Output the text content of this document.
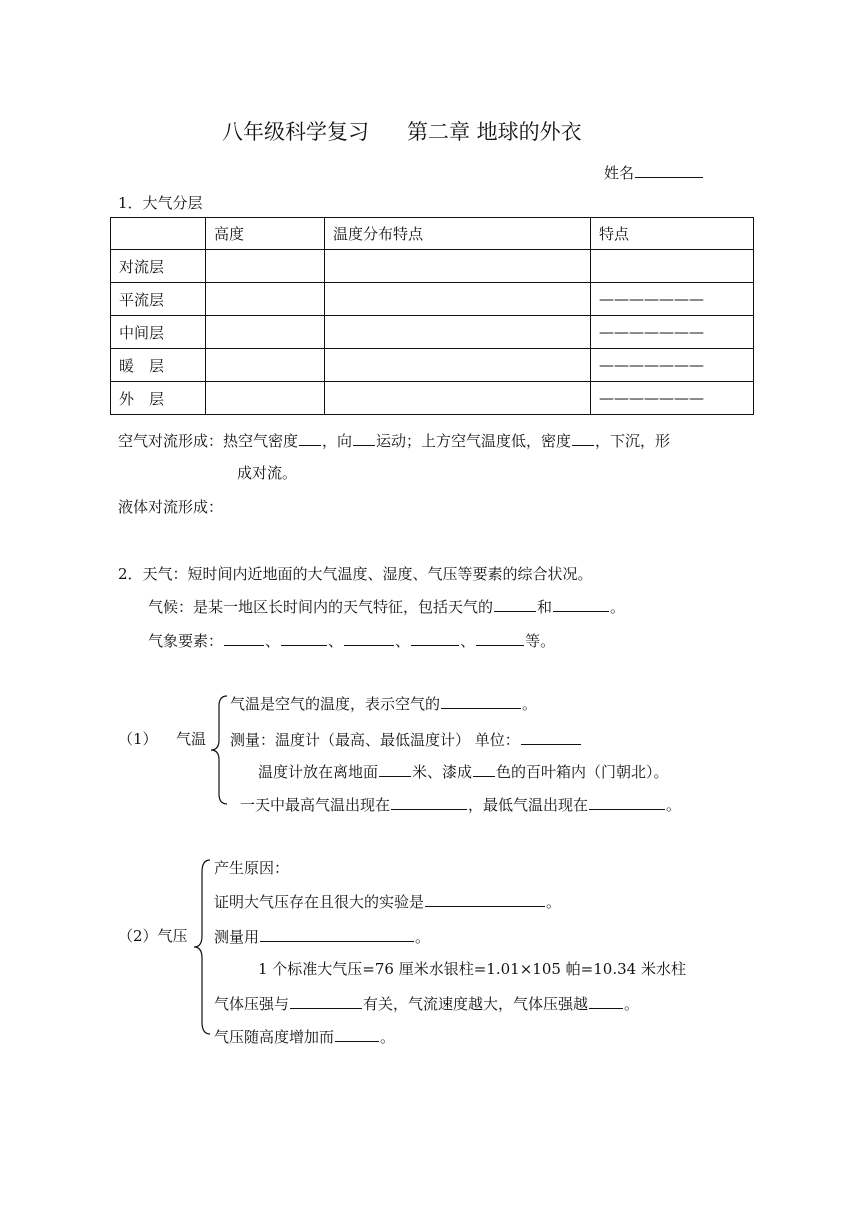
八年级科学复习 第二章 地球的外衣
姓名
1．大气分层
	高度	温度分布特点	特点
对流层			
平流层			———————
中间层			———————
暖　层			———————
外　层			———————
空气对流形成：热空气密度 ，向 运动；上方空气温度低，密度 ，下沉，形
成对流。
液体对流形成：
2．天气：短时间内近地面的大气温度、湿度、气压等要素的综合状况。
气候：是某一地区长时间内的天气特征，包括天气的	和	。
气象要素：	、	、	、	、	等。
（1） 气温
气温是空气的温度，表示空气的	。
测量：温度计（最高、最低温度计） 单位：
温度计放在离地面 米、漆成 色的百叶箱内（门朝北）。
一天中最高气温出现在	，最低气温出现在	。
（2）气压
产生原因：
证明大气压存在且很大的实验是	。
测量用	。
1 个标准大气压=76 厘米水银柱=1.01×105 帕=10.34 米水柱
气体压强与	有关，气流速度越大，气体压强越 。
气压随高度增加而	。
